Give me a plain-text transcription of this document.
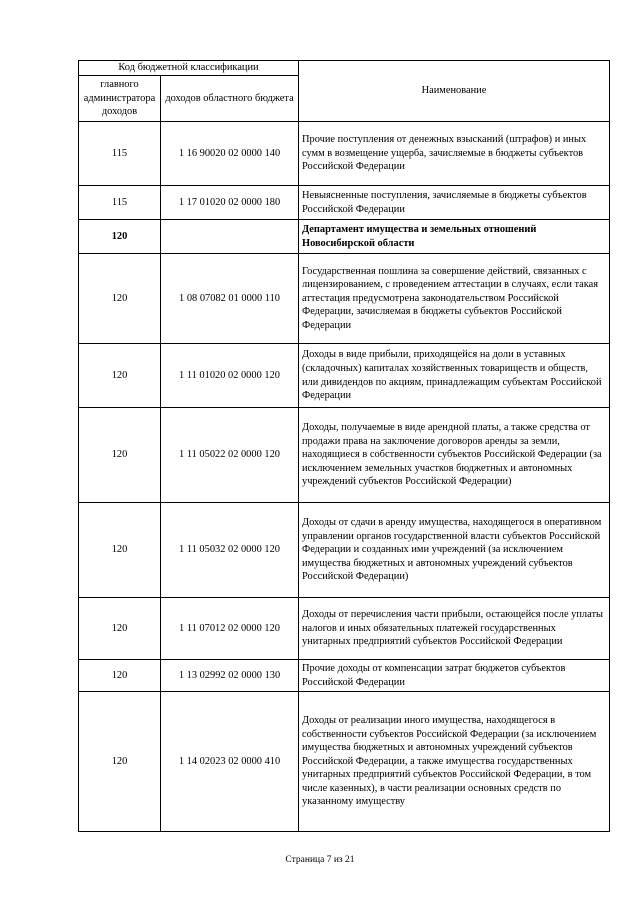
Код бюджетной классификации		Наименование
главного администратора доходов	доходов областного бюджета	
115	1 16 90020 02 0000 140	Прочие поступления от денежных взысканий (штрафов) и иных сумм в возмещение ущерба, зачисляемые в бюджеты субъектов Российской Федерации
115	1 17 01020 02 0000 180	Невыясненные поступления, зачисляемые в бюджеты субъектов Российской Федерации
120		Департамент имущества и земельных отношений Новосибирской области
120	1 08 07082 01 0000 110	Государственная пошлина за совершение действий, связанных с лицензированием, с проведением аттестации в случаях, если такая аттестация предусмотрена законодательством Российской Федерации, зачисляемая в бюджеты субъектов Российской Федерации
120	1 11 01020 02 0000 120	Доходы в виде прибыли, приходящейся на доли в уставных (складочных) капиталах хозяйственных товариществ и обществ, или дивидендов по акциям, принадлежащим субъектам Российской Федерации
120	1 11 05022 02 0000 120	Доходы, получаемые в виде арендной платы, а также средства от продажи права на заключение договоров аренды за земли, находящиеся в собственности субъектов Российской Федерации (за исключением земельных участков бюджетных и автономных учреждений субъектов Российской Федерации)
120	1 11 05032 02 0000 120	Доходы от сдачи в аренду имущества, находящегося в оперативном управлении органов государственной власти субъектов Российской Федерации и созданных ими учреждений (за исключением имущества бюджетных и автономных учреждений субъектов Российской Федерации)
120	1 11 07012 02 0000 120	Доходы от перечисления части прибыли, остающейся после уплаты налогов и иных обязательных платежей государственных унитарных предприятий субъектов Российской Федерации
120	1 13 02992 02 0000 130	Прочие доходы от компенсации затрат бюджетов субъектов Российской Федерации
120	1 14 02023 02 0000 410	Доходы от реализации иного имущества, находящегося в собственности субъектов Российской Федерации (за исключением имущества бюджетных и автономных учреждений субъектов Российской Федерации, а также имущества государственных унитарных предприятий субъектов Российской Федерации, в том числе казенных), в части реализации основных средств по указанному имуществу
Страница 7 из 21
